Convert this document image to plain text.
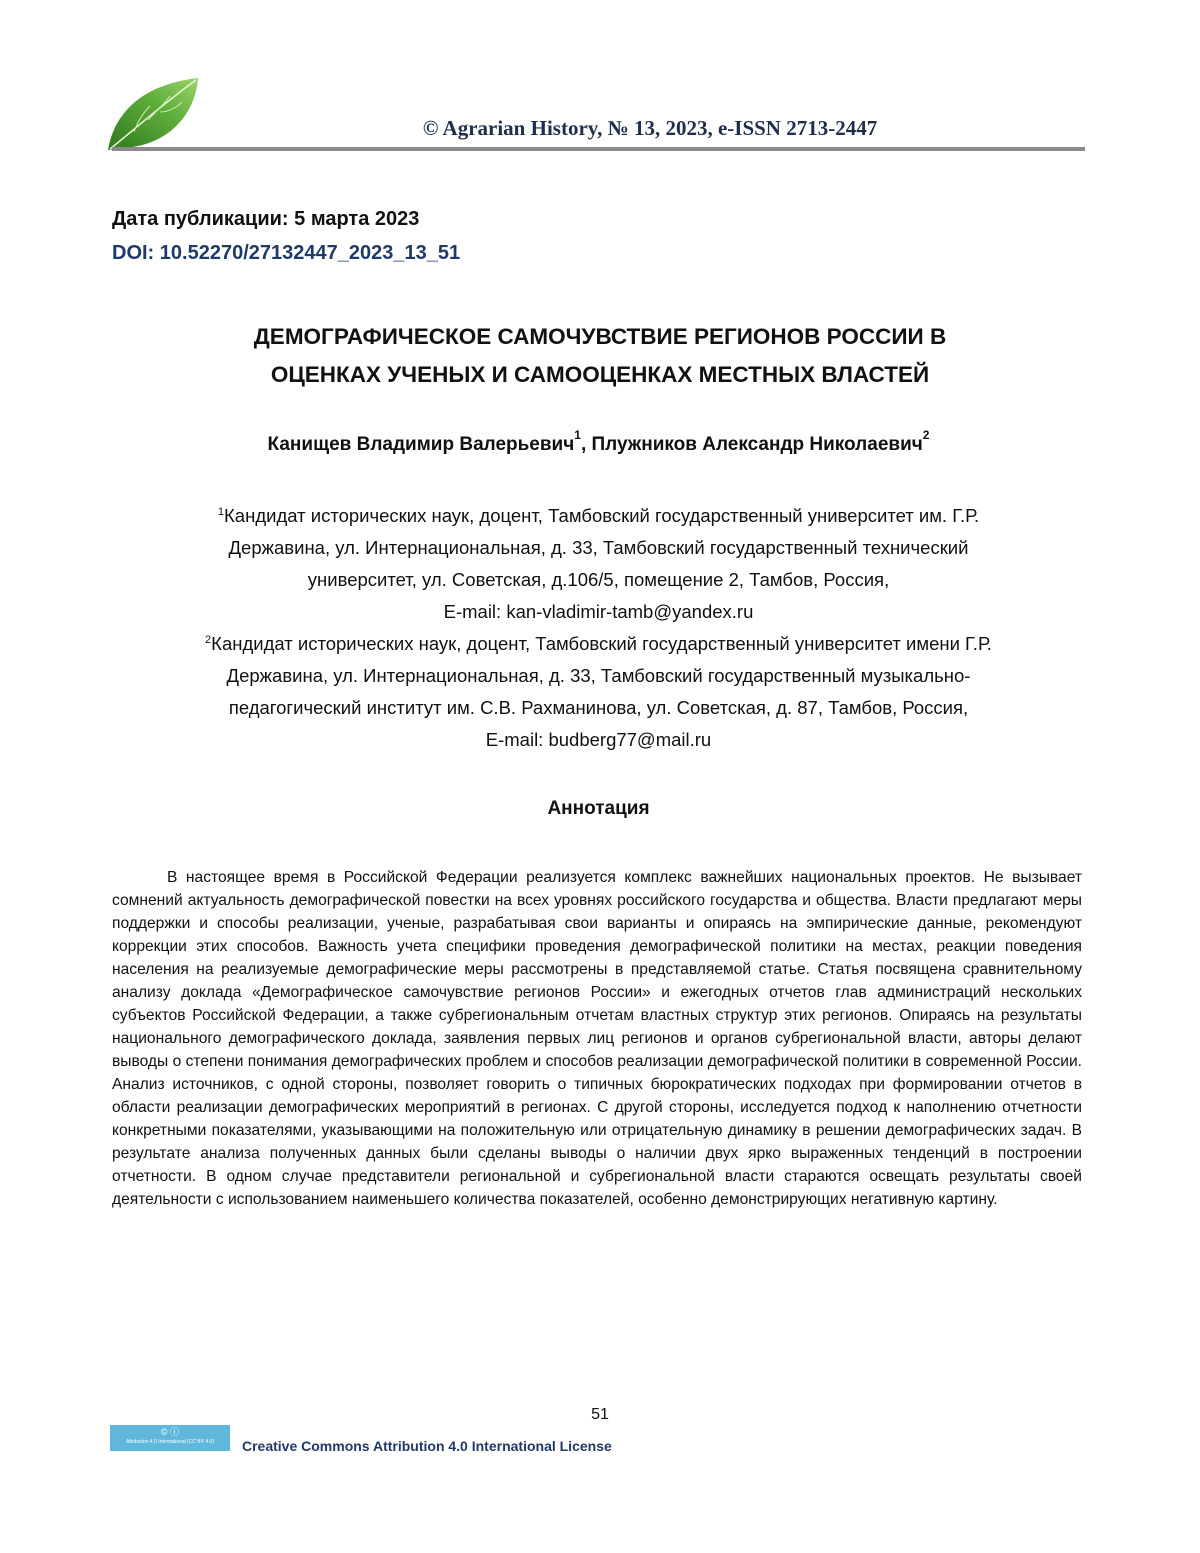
© Agrarian History, № 13, 2023, e-ISSN 2713-2447
Дата публикации: 5 марта 2023
DOI: 10.52270/27132447_2023_13_51
ДЕМОГРАФИЧЕСКОЕ САМОЧУВСТВИЕ РЕГИОНОВ РОССИИ В
ОЦЕНКАХ УЧЕНЫХ И САМООЦЕНКАХ МЕСТНЫХ ВЛАСТЕЙ
Канищев Владимир Валерьевич$^1$, Плужников Александр Николаевич$^2$
$^1$Кандидат исторических наук, доцент, Тамбовский государственный университет им. Г.Р.
Державина, ул. Интернациональная, д. 33, Тамбовский государственный технический
университет, ул. Советская, д.106/5, помещение 2, Тамбов, Россия,
E-mail: kan-vladimir-tamb@yandex.ru
$^2$Кандидат исторических наук, доцент, Тамбовский государственный университет имени Г.Р.
Державина, ул. Интернациональная, д. 33, Тамбовский государственный музыкально-
педагогический институт им. С.В. Рахманинова, ул. Советская, д. 87, Тамбов, Россия,
E-mail: budberg77@mail.ru
Аннотация

В настоящее время в Российской Федерации реализуется комплекс важнейших национальных проектов. Не вызывает сомнений актуальность демографической повестки на всех уровнях российского государства и общества. Власти предлагают меры поддержки и способы реализации, ученые, разрабатывая свои варианты и опираясь на эмпирические данные, рекомендуют коррекции этих способов. Важность учета специфики проведения демографической политики на местах, реакции поведения населения на реализуемые демографические меры рассмотрены в представляемой статье. Статья посвящена сравнительному анализу доклада «Демографическое самочувствие регионов России» и ежегодных отчетов глав администраций нескольких субъектов Российской Федерации, а также субрегиональным отчетам властных структур этих регионов. Опираясь на результаты национального демографического доклада, заявления первых лиц регионов и органов субрегиональной власти, авторы делают выводы о степени понимания демографических проблем и способов реализации демографической политики в современной России. Анализ источников, с одной стороны, позволяет говорить о типичных бюрократических подходах при формировании отчетов в области реализации демографических мероприятий в регионах. С другой стороны, исследуется подход к наполнению отчетности конкретными показателями, указывающими на положительную или отрицательную динамику в решении демографических задач. В результате анализа полученных данных были сделаны выводы о наличии двух ярко выраженных тенденций в построении отчетности. В одном случае представители региональной и субрегиональной власти стараются освещать результаты своей деятельности с использованием наименьшего количества показателей, особенно демонстрирующих негативную картину.

51
© ⓘ
Attribution 4.0 International (CC BY 4.0)	Creative Commons Attribution 4.0 International License
